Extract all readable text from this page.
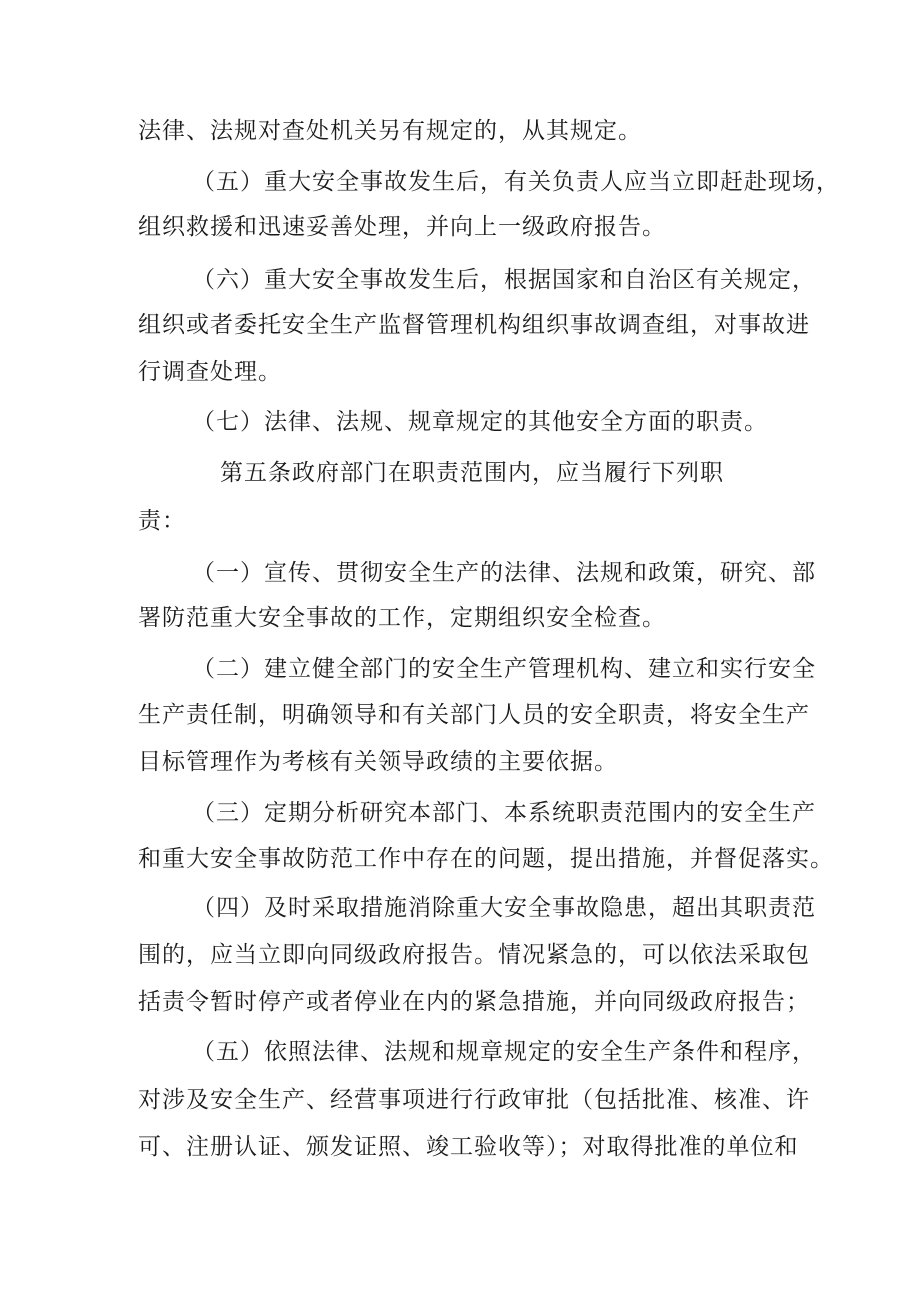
法律、法规对查处机关另有规定的，从其规定。
（五）重大安全事故发生后，有关负责人应当立即赶赴现场，
组织救援和迅速妥善处理，并向上一级政府报告。
（六）重大安全事故发生后，根据国家和自治区有关规定，
组织或者委托安全生产监督管理机构组织事故调查组，对事故进
行调查处理。
（七）法律、法规、规章规定的其他安全方面的职责。
第五条政府部门在职责范围内，应当履行下列职
责：
（一）宣传、贯彻安全生产的法律、法规和政策，研究、部
署防范重大安全事故的工作，定期组织安全检查。
（二）建立健全部门的安全生产管理机构、建立和实行安全
生产责任制，明确领导和有关部门人员的安全职责，将安全生产
目标管理作为考核有关领导政绩的主要依据。
（三）定期分析研究本部门、本系统职责范围内的安全生产
和重大安全事故防范工作中存在的问题，提出措施，并督促落实。
（四）及时采取措施消除重大安全事故隐患，超出其职责范
围的，应当立即向同级政府报告。情况紧急的，可以依法采取包
括责令暂时停产或者停业在内的紧急措施，并向同级政府报告；
（五）依照法律、法规和规章规定的安全生产条件和程序，
对涉及安全生产、经营事项进行行政审批（包括批准、核准、许
可、注册认证、颁发证照、竣工验收等）；对取得批准的单位和
